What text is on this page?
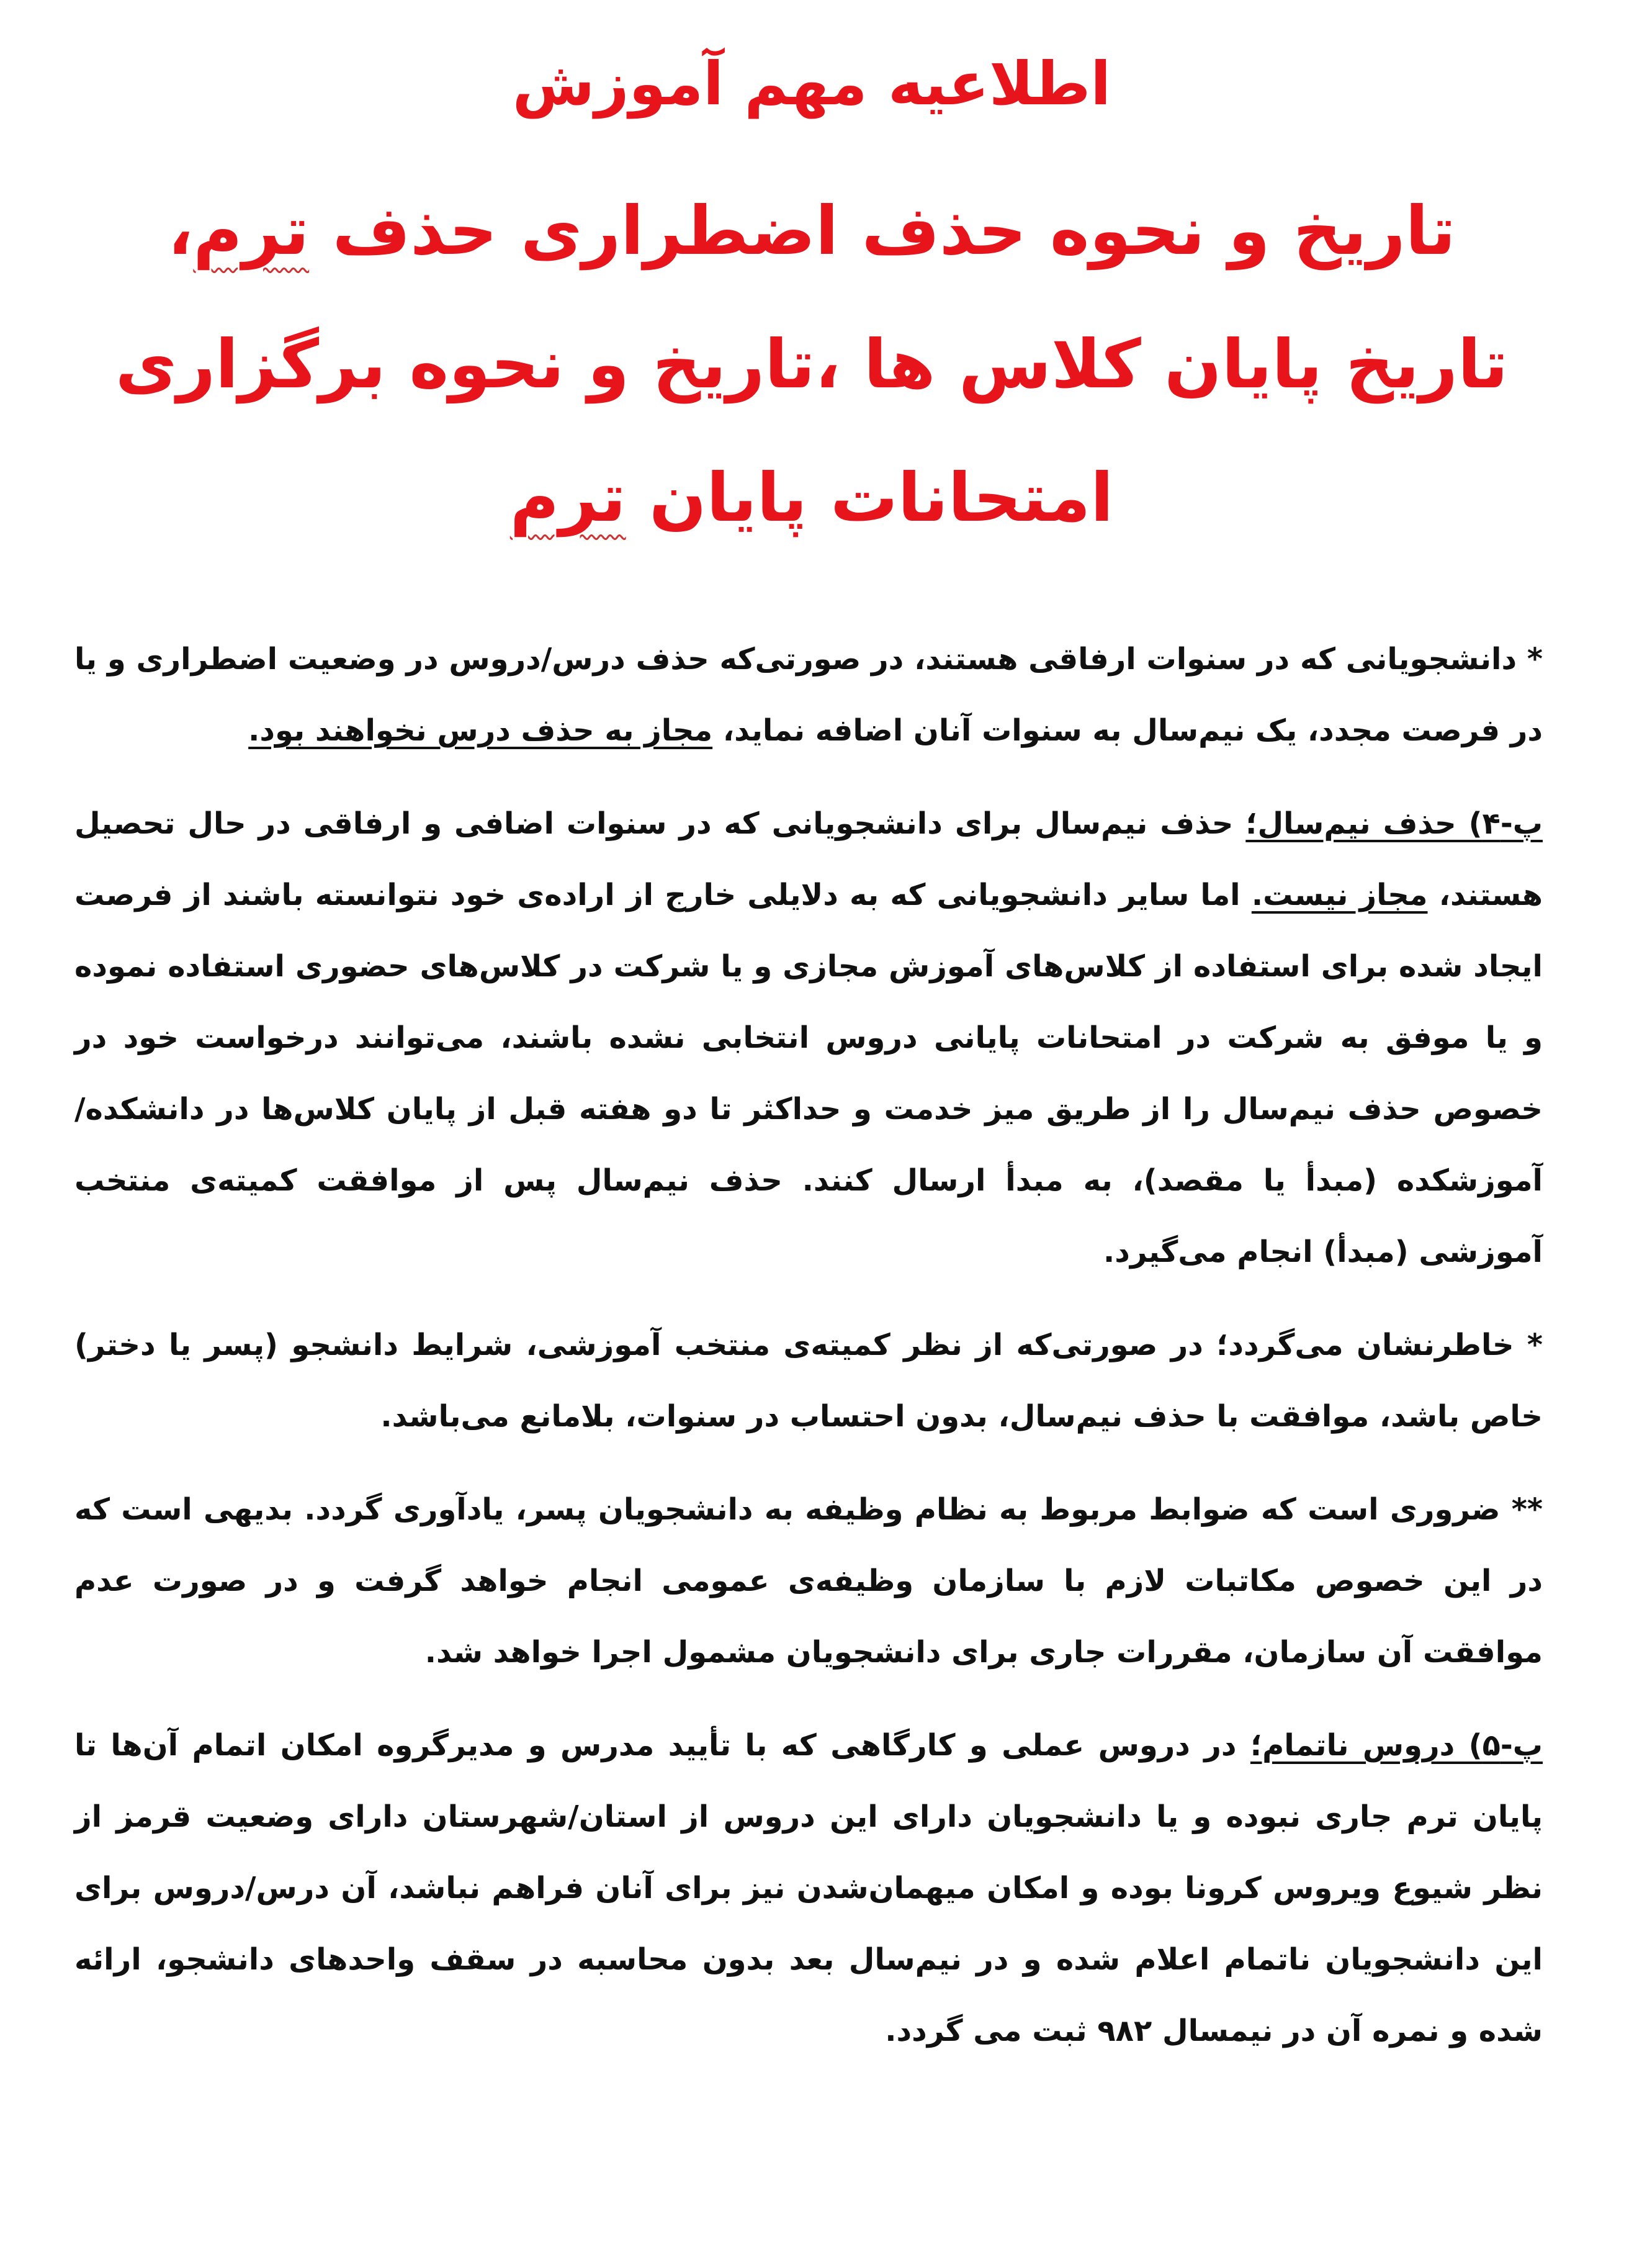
اطلاعیه مهم آموزش
تاریخ و نحوه حذف اضطراری حذف ترم، تاریخ پایان کلاس ها ،تاریخ و نحوه برگزاری امتحانات پایان ترم

* دانشجویانی که در سنوات ارفاقی هستند، در صورتی‌که حذف درس/دروس در وضعیت اضطراری و یا در فرصت مجدد، یک نیم‌سال به سنوات آنان اضافه نماید، مجاز به حذف درس نخواهند بود.

پ-۴) حذف نیم‌سال؛ حذف نیم‌سال برای دانشجویانی که در سنوات اضافی و ارفاقی در حال تحصیل هستند، مجاز نیست. اما سایر دانشجویانی که به دلایلی خارج از اراده‌ی خود نتوانسته باشند از فرصت ایجاد شده برای استفاده از کلاس‌های آموزش مجازی و یا شرکت در کلاس‌های حضوری استفاده نموده و یا موفق به شرکت در امتحانات پایانی دروس انتخابی نشده باشند، می‌توانند درخواست خود در خصوص حذف نیم‌سال را از طریق میز خدمت و حداکثر تا دو هفته قبل از پایان کلاس‌ها در دانشکده/آموزشکده (مبدأ یا مقصد)، به مبدأ ارسال کنند. حذف نیم‌سال پس از موافقت کمیته‌ی منتخب آموزشی (مبدأ) انجام می‌گیرد.

* خاطرنشان می‌گردد؛ در صورتی‌که از نظر کمیته‌ی منتخب آموزشی، شرایط دانشجو (پسر یا دختر) خاص باشد، موافقت با حذف نیم‌سال، بدون احتساب در سنوات، بلامانع می‌باشد.

** ضروری است که ضوابط مربوط به نظام وظیفه به دانشجویان پسر، یادآوری گردد. بدیهی است که در این خصوص مکاتبات لازم با سازمان وظیفه‌ی عمومی انجام خواهد گرفت و در صورت عدم موافقت آن سازمان، مقررات جاری برای دانشجویان مشمول اجرا خواهد شد.

پ-۵) دروس ناتمام؛ در دروس عملی و کارگاهی که با تأیید مدرس و مدیرگروه امکان اتمام آن‌ها تا پایان ترم جاری نبوده و یا دانشجویان دارای این دروس از استان/شهرستان دارای وضعیت قرمز از نظر شیوع ویروس کرونا بوده و امکان میهمان‌شدن نیز برای آنان فراهم نباشد، آن درس/دروس برای این دانشجویان ناتمام اعلام شده و در نیم‌سال بعد بدون محاسبه در سقف واحدهای دانشجو، ارائه شده و نمره آن در نیمسال ۹۸۲ ثبت می گردد.
